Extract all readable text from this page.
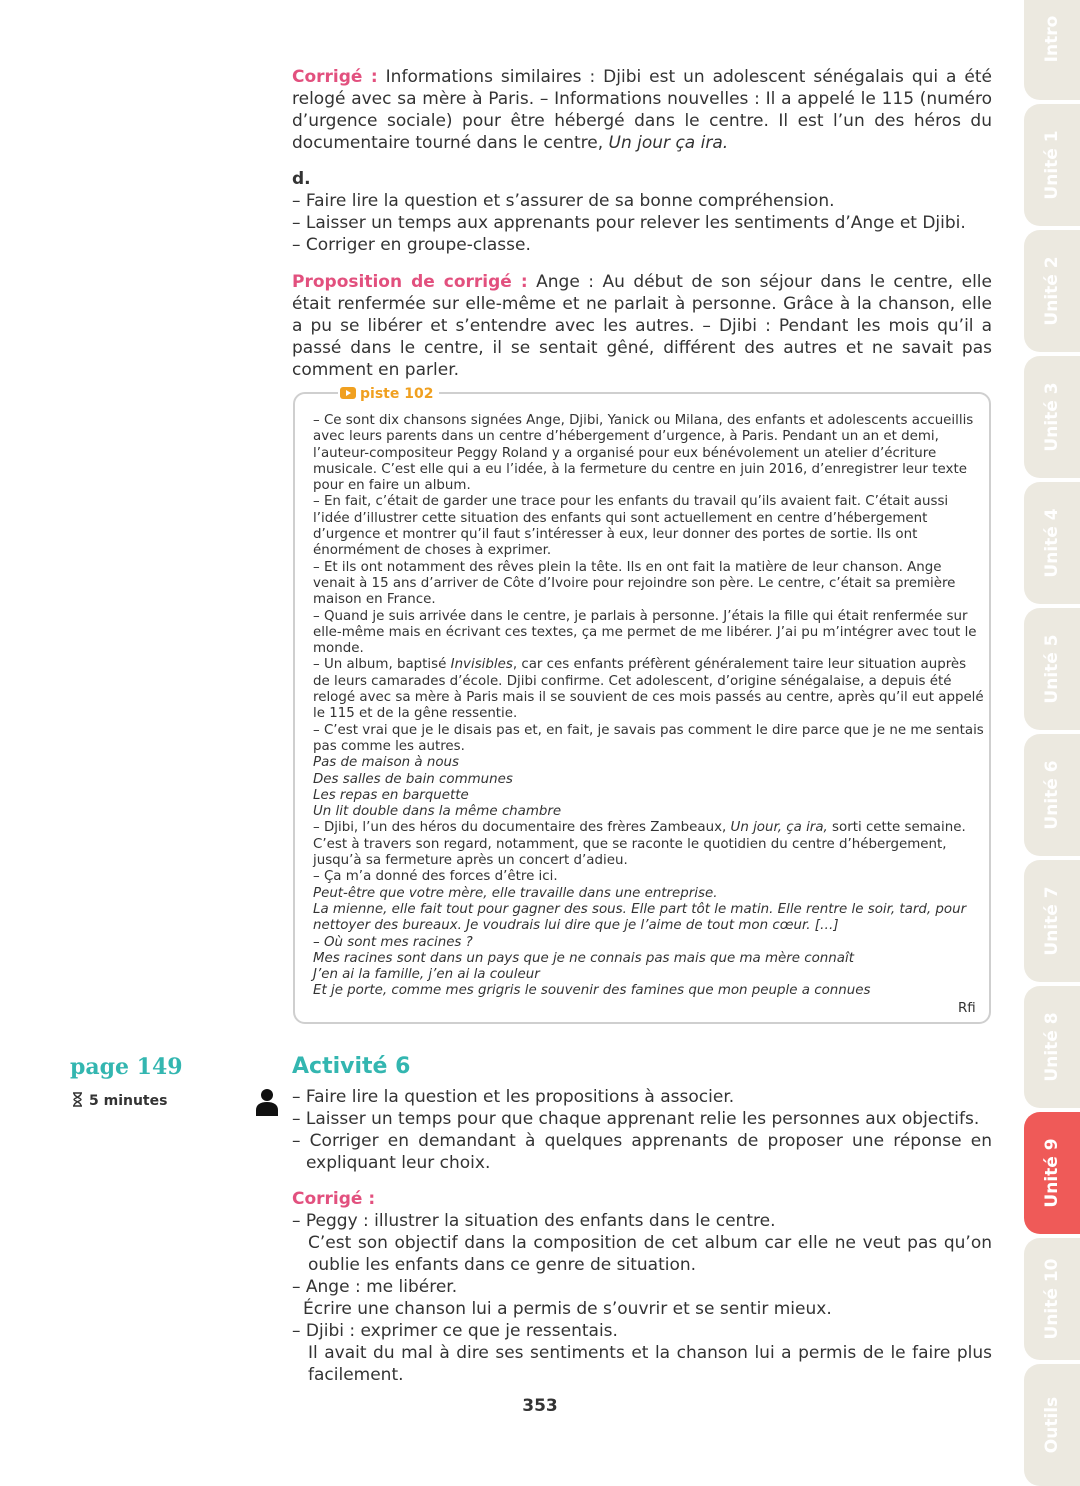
Corrigé : Informations similaires : Djibi est un adolescent sénégalais qui a été relogé avec sa mère à Paris. – Informations nouvelles : Il a appelé le 115 (numéro d’urgence sociale) pour être hébergé dans le centre. Il est l’un des héros du documentaire tourné dans le centre, Un jour ça ira.
d.
– Faire lire la question et s’assurer de sa bonne compréhension.
– Laisser un temps aux apprenants pour relever les sentiments d’Ange et Djibi.
– Corriger en groupe-classe.
Proposition de corrigé : Ange : Au début de son séjour dans le centre, elle était renfermée sur elle-même et ne parlait à personne. Grâce à la chanson, elle a pu se libérer et s’entendre avec les autres. – Djibi : Pendant les mois qu’il a passé dans le centre, il se sentait gêné, différent des autres et ne savait pas comment en parler.
piste 102
– Ce sont dix chansons signées Ange, Djibi, Yanick ou Milana, des enfants et adolescents accueillis avec leurs parents dans un centre d’hébergement d’urgence, à Paris. Pendant un an et demi, l’auteur-compositeur Peggy Roland y a organisé pour eux bénévolement un atelier d’écriture musicale. C’est elle qui a eu l’idée, à la fermeture du centre en juin 2016, d’enregistrer leur texte pour en faire un album.
– En fait, c’était de garder une trace pour les enfants du travail qu’ils avaient fait. C’était aussi l’idée d’illustrer cette situation des enfants qui sont actuellement en centre d’hébergement d’urgence et montrer qu’il faut s’intéresser à eux, leur donner des portes de sortie. Ils ont énormément de choses à exprimer.
– Et ils ont notamment des rêves plein la tête. Ils en ont fait la matière de leur chanson. Ange venait à 15 ans d’arriver de Côte d’Ivoire pour rejoindre son père. Le centre, c’était sa première maison en France.
– Quand je suis arrivée dans le centre, je parlais à personne. J’étais la fille qui était renfermée sur elle-même mais en écrivant ces textes, ça me permet de me libérer. J’ai pu m’intégrer avec tout le monde.
– Un album, baptisé Invisibles, car ces enfants préfèrent généralement taire leur situation auprès de leurs camarades d’école. Djibi confirme. Cet adolescent, d’origine sénégalaise, a depuis été relogé avec sa mère à Paris mais il se souvient de ces mois passés au centre, après qu’il eut appelé le 115 et de la gêne ressentie.
– C’est vrai que je le disais pas et, en fait, je savais pas comment le dire parce que je ne me sentais pas comme les autres.
Pas de maison à nous
Des salles de bain communes
Les repas en barquette
Un lit double dans la même chambre
– Djibi, l’un des héros du documentaire des frères Zambeaux, Un jour, ça ira, sorti cette semaine. C’est à travers son regard, notamment, que se raconte le quotidien du centre d’hébergement, jusqu’à sa fermeture après un concert d’adieu.
– Ça m’a donné des forces d’être ici.
Peut-être que votre mère, elle travaille dans une entreprise.
La mienne, elle fait tout pour gagner des sous. Elle part tôt le matin. Elle rentre le soir, tard, pour nettoyer des bureaux. Je voudrais lui dire que je l’aime de tout mon cœur. […]
– Où sont mes racines ?
Mes racines sont dans un pays que je ne connais pas mais que ma mère connaît
J’en ai la famille, j’en ai la couleur
Et je porte, comme mes grigris le souvenir des famines que mon peuple a connues
Rfi
page 149
5 minutes
Activité 6
– Faire lire la question et les propositions à associer.
– Laisser un temps pour que chaque apprenant relie les personnes aux objectifs.
– Corriger en demandant à quelques apprenants de proposer une réponse en expliquant leur choix.
Corrigé :
– Peggy : illustrer la situation des enfants dans le centre.
C’est son objectif dans la composition de cet album car elle ne veut pas qu’on oublie les enfants dans ce genre de situation.
– Ange : me libérer.
Écrire une chanson lui a permis de s’ouvrir et se sentir mieux.
– Djibi : exprimer ce que je ressentais.
Il avait du mal à dire ses sentiments et la chanson lui a permis de le faire plus facilement.
353
Intro
Unité 1
Unité 2
Unité 3
Unité 4
Unité 5
Unité 6
Unité 7
Unité 8
Unité 9
Unité 10
Outils
